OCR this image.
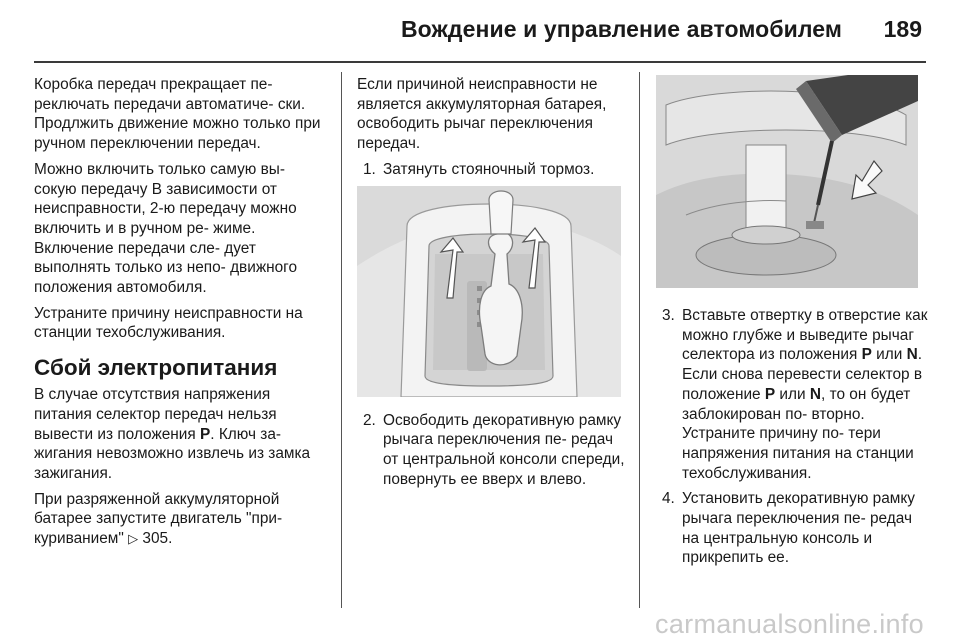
Вождение и управление автомобилем 189

Коробка передач прекращает пе- реключать передачи автоматиче- ски. Продлжить движение можно только при ручном переключении передач.

Можно включить только самую вы- сокую передачу В зависимости от неисправности, 2-ю передачу можно включить и в ручном ре- жиме. Включение передачи сле- дует выполнять только из непо- движного положения автомобиля.

Устраните причину неисправности на станции техобслуживания.

Сбой электропитания

В случае отсутствия напряжения питания селектор передач нельзя вывести из положения P. Ключ за- жигания невозможно извлечь из замка зажигания.

При разряженной аккумуляторной батарее запустите двигатель "при- куриванием" ▷ 305.

Если причиной неисправности не является аккумуляторная батарея, освободить рычаг переключения передач.

1. Затянуть стояночный тормоз.
2. Освободить декоративную рамку рычага переключения пе- редач от центральной консоли спереди, повернуть ее вверх и влево.
3. Вставьте отвертку в отверстие как можно глубже и выведите рычаг селектора из положения P или N. Если снова перевести селектор в положение P или N, то он будет заблокирован по- вторно. Устраните причину по- тери напряжения питания на станции техобслуживания.
4. Установить декоративную рамку рычага переключения пе- редач на центральную консоль и прикрепить ее.
carmanualsonline.info
